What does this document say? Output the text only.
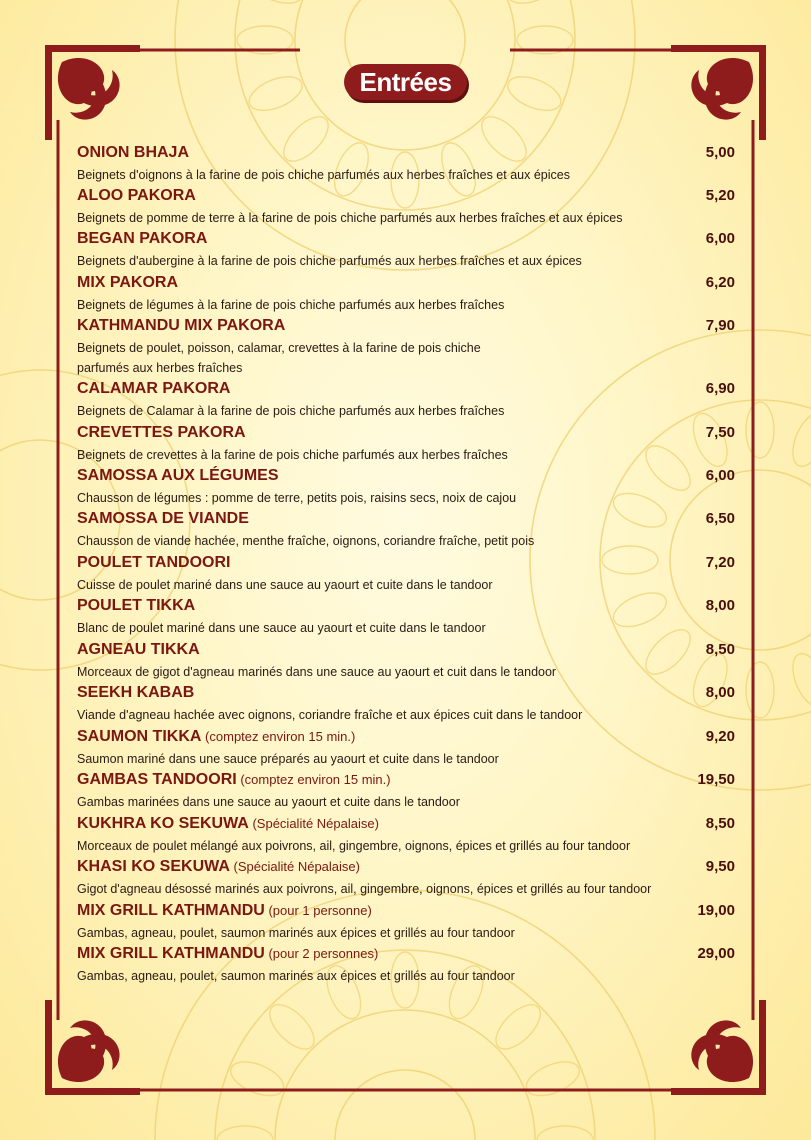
Entrées
ONION BHAJA	5,00
Beignets d'oignons à la farine de pois chiche parfumés aux herbes fraîches et aux épices
ALOO PAKORA	5,20
Beignets de pomme de terre à la farine de pois chiche parfumés aux herbes fraîches et aux épices
BEGAN PAKORA	6,00
Beignets d'aubergine à la farine de pois chiche parfumés aux herbes fraîches et aux épices
MIX PAKORA	6,20
Beignets de légumes à la farine de pois chiche parfumés aux herbes fraîches
KATHMANDU MIX PAKORA	7,90
Beignets de poulet, poisson, calamar, crevettes à la farine de pois chiche
parfumés aux herbes fraîches
CALAMAR PAKORA	6,90
Beignets de Calamar à la farine de pois chiche parfumés aux herbes fraîches
CREVETTES PAKORA	7,50
Beignets de crevettes à la farine de pois chiche parfumés aux herbes fraîches
SAMOSSA AUX LÉGUMES	6,00
Chausson de légumes : pomme de terre, petits pois, raisins secs, noix de cajou
SAMOSSA DE VIANDE	6,50
Chausson de viande hachée, menthe fraîche, oignons, coriandre fraîche, petit pois
POULET TANDOORI	7,20
Cuisse de poulet mariné dans une sauce au yaourt et cuite dans le tandoor
POULET TIKKA	8,00
Blanc de poulet mariné dans une sauce au yaourt et cuite dans le tandoor
AGNEAU TIKKA	8,50
Morceaux de gigot d'agneau marinés dans une sauce au yaourt et cuit dans le tandoor
SEEKH KABAB	8,00
Viande d'agneau hachée avec oignons, coriandre fraîche et aux épices cuit dans le tandoor
SAUMON TIKKA (comptez environ 15 min.)	9,20
Saumon mariné dans une sauce préparés au yaourt et cuite dans le tandoor
GAMBAS TANDOORI (comptez environ 15 min.)	19,50
Gambas marinées dans une sauce au yaourt et cuite dans le tandoor
KUKHRA KO SEKUWA (Spécialité Népalaise)	8,50
Morceaux de poulet mélangé aux poivrons, ail, gingembre, oignons, épices et grillés au four tandoor
KHASI KO SEKUWA (Spécialité Népalaise)	9,50
Gigot d'agneau désossé marinés aux poivrons, ail, gingembre, oignons, épices et grillés au four tandoor
MIX GRILL KATHMANDU (pour 1 personne)	19,00
Gambas, agneau, poulet, saumon marinés aux épices et grillés au four tandoor
MIX GRILL KATHMANDU (pour 2 personnes)	29,00
Gambas, agneau, poulet, saumon marinés aux épices et grillés au four tandoor
